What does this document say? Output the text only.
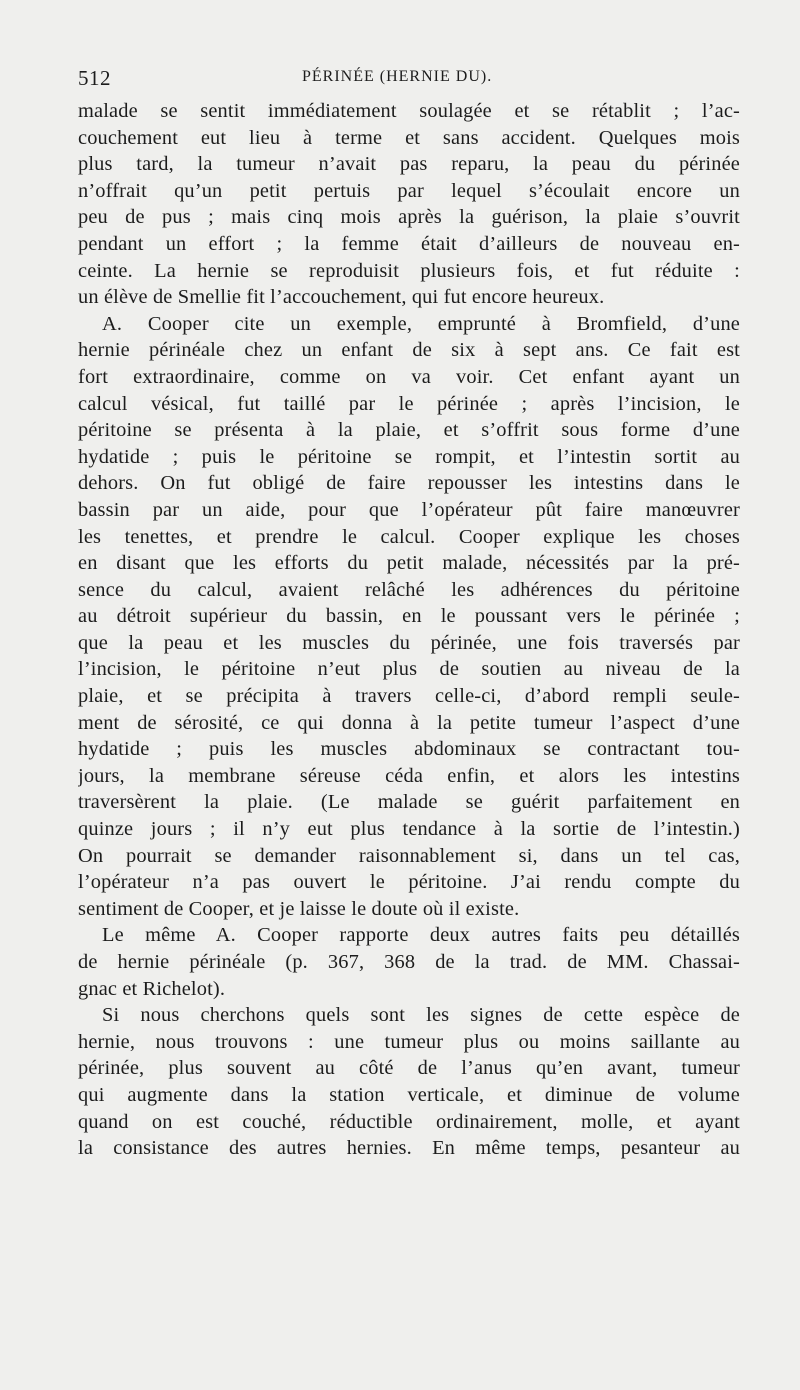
512	PÉRINÉE (HERNIE DU).
malade se sentit immédiatement soulagée et se rétablit ; l’ac-
couchement eut lieu à terme et sans accident. Quelques mois
plus tard, la tumeur n’avait pas reparu, la peau du périnée
n’offrait qu’un petit pertuis par lequel s’écoulait encore un
peu de pus ; mais cinq mois après la guérison, la plaie s’ouvrit
pendant un effort ; la femme était d’ailleurs de nouveau en-
ceinte. La hernie se reproduisit plusieurs fois, et fut réduite :
un élève de Smellie fit l’accouchement, qui fut encore heureux.
A. Cooper cite un exemple, emprunté à Bromfield, d’une
hernie périnéale chez un enfant de six à sept ans. Ce fait est
fort extraordinaire, comme on va voir. Cet enfant ayant un
calcul vésical, fut taillé par le périnée ; après l’incision, le
péritoine se présenta à la plaie, et s’offrit sous forme d’une
hydatide ; puis le péritoine se rompit, et l’intestin sortit au
dehors. On fut obligé de faire repousser les intestins dans le
bassin par un aide, pour que l’opérateur pût faire manœuvrer
les tenettes, et prendre le calcul. Cooper explique les choses
en disant que les efforts du petit malade, nécessités par la pré-
sence du calcul, avaient relâché les adhérences du péritoine
au détroit supérieur du bassin, en le poussant vers le périnée ;
que la peau et les muscles du périnée, une fois traversés par
l’incision, le péritoine n’eut plus de soutien au niveau de la
plaie, et se précipita à travers celle-ci, d’abord rempli seule-
ment de sérosité, ce qui donna à la petite tumeur l’aspect d’une
hydatide ; puis les muscles abdominaux se contractant tou-
jours, la membrane séreuse céda enfin, et alors les intestins
traversèrent la plaie. (Le malade se guérit parfaitement en
quinze jours ; il n’y eut plus tendance à la sortie de l’intestin.)
On pourrait se demander raisonnablement si, dans un tel cas,
l’opérateur n’a pas ouvert le péritoine. J’ai rendu compte du
sentiment de Cooper, et je laisse le doute où il existe.
Le même A. Cooper rapporte deux autres faits peu détaillés
de hernie périnéale (p. 367, 368 de la trad. de MM. Chassai-
gnac et Richelot).
Si nous cherchons quels sont les signes de cette espèce de
hernie, nous trouvons : une tumeur plus ou moins saillante au
périnée, plus souvent au côté de l’anus qu’en avant, tumeur
qui augmente dans la station verticale, et diminue de volume
quand on est couché, réductible ordinairement, molle, et ayant
la consistance des autres hernies. En même temps, pesanteur au
